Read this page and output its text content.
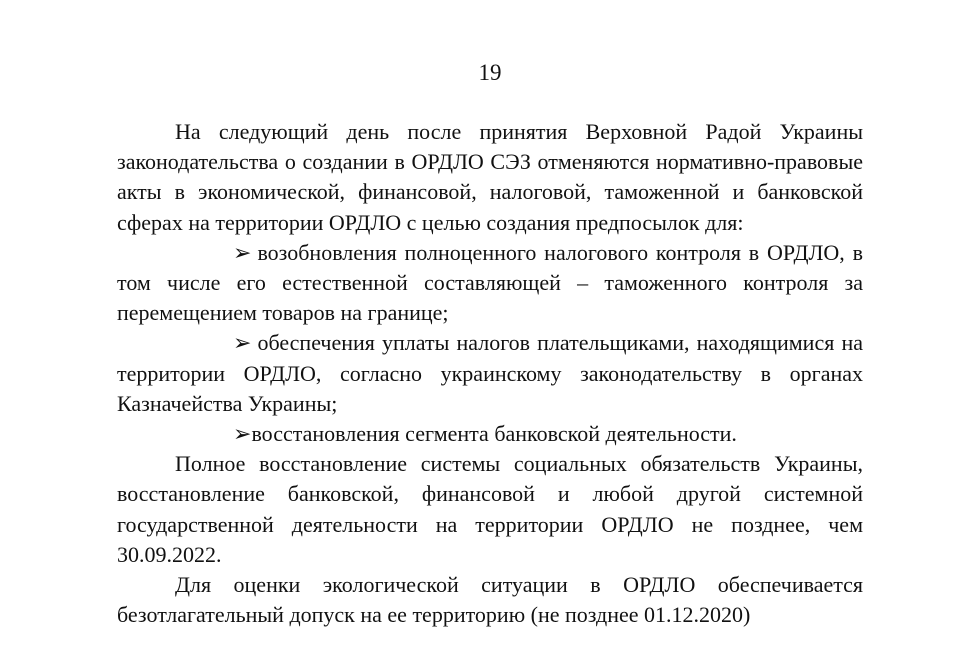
19

На следующий день после принятия Верховной Радой Украины законодательства о создании в ОРДЛО СЭЗ отменяются нормативно-правовые акты в экономической, финансовой, налоговой, таможенной и банковской сферах на территории ОРДЛО с целью создания предпосылок для:

➢ возобновления полноценного налогового контроля в ОРДЛО, в том числе его естественной составляющей – таможенного контроля за перемещением товаров на границе;

➢ обеспечения уплаты налогов плательщиками, находящимися на территории ОРДЛО, согласно украинскому законодательству в органах Казначейства Украины;

➢восстановления сегмента банковской деятельности.

Полное восстановление системы социальных обязательств Украины, восстановление банковской, финансовой и любой другой системной государственной деятельности на территории ОРДЛО не позднее, чем 30.09.2022.

Для оценки экологической ситуации в ОРДЛО обеспечивается безотлагательный допуск на ее территорию (не позднее 01.12.2020)
